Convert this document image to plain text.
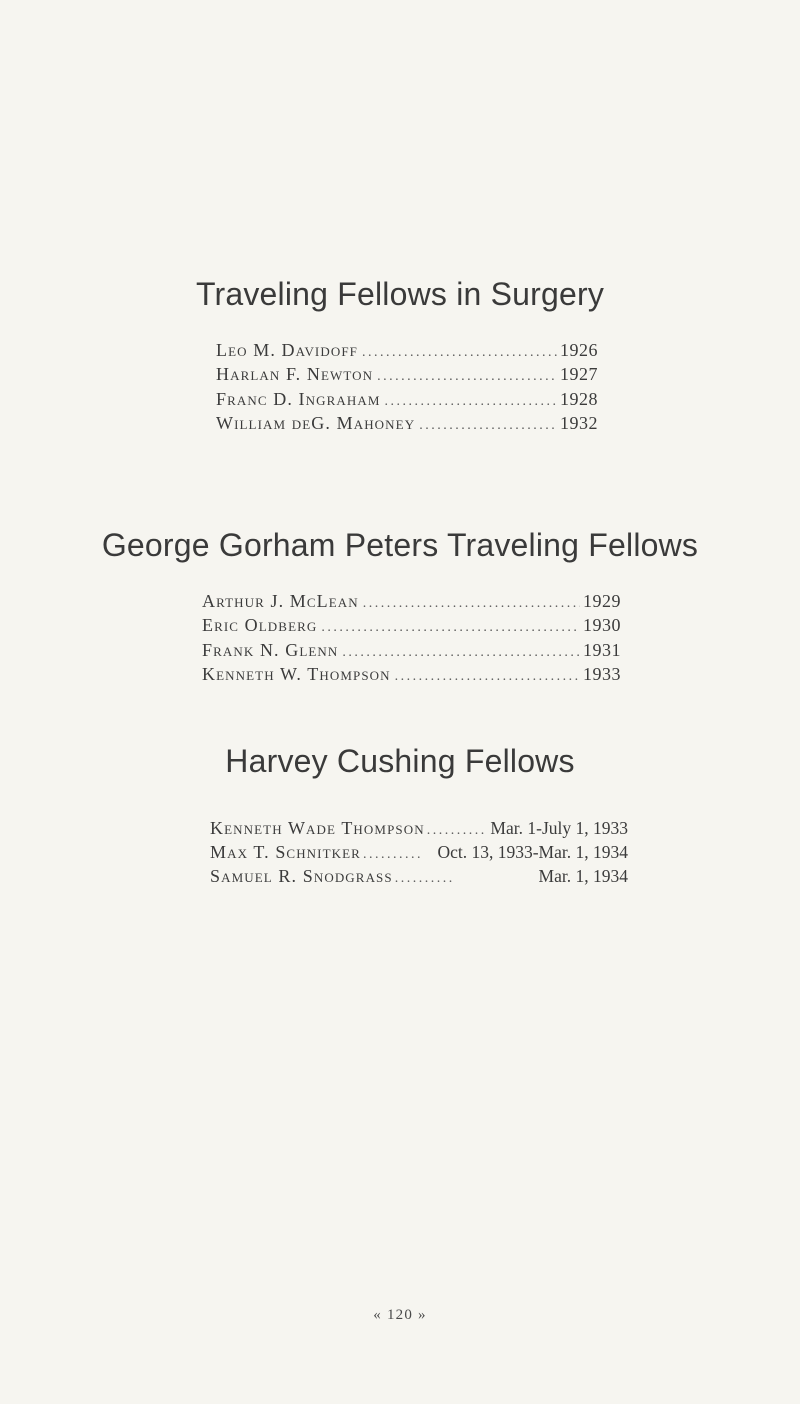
Traveling Fellows in Surgery
Leo M. Davidoff .....	1926
Harlan F. Newton .....	1927
Franc D. Ingraham .....	1928
William deG. Mahoney .....	1932
George Gorham Peters Traveling Fellows
Arthur J. McLean .....	1929
Eric Oldberg .....	1930
Frank N. Glenn .....	1931
Kenneth W. Thompson .....	1933
Harvey Cushing Fellows
Kenneth Wade Thompson .....	Mar. 1-July 1, 1933
Max T. Schnitker .....	Oct. 13, 1933-Mar. 1, 1934
Samuel R. Snodgrass .....	Mar. 1, 1934
« 120 »
